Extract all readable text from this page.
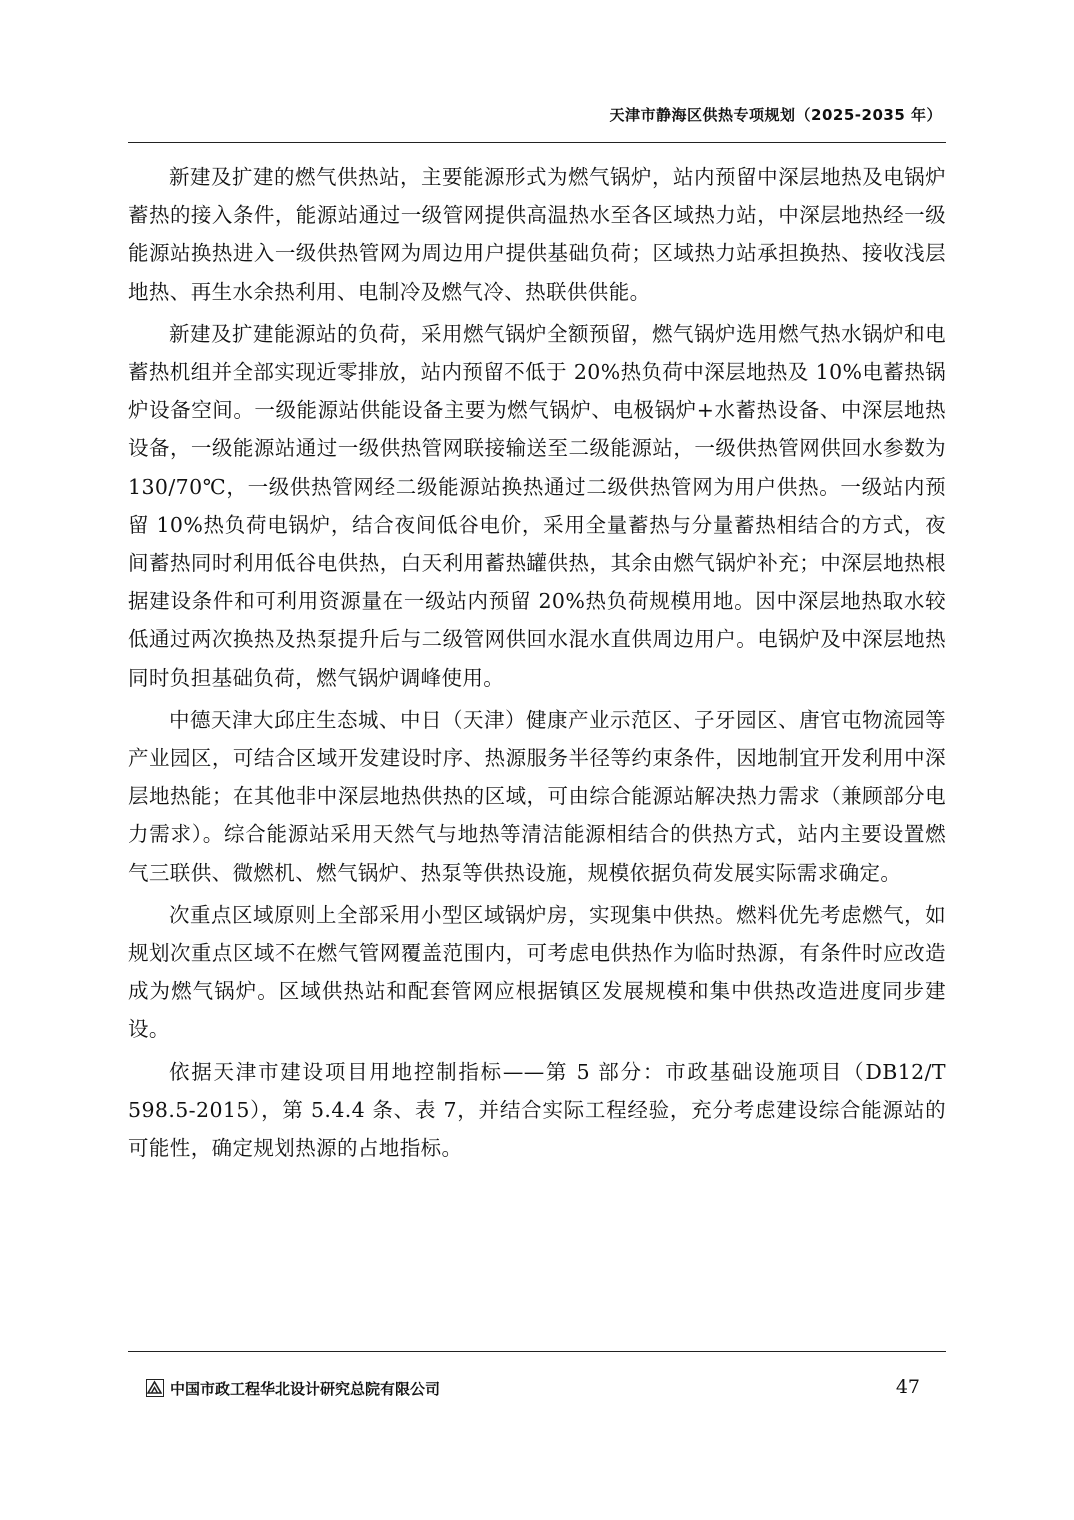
天津市静海区供热专项规划（2025-2035 年）

新建及扩建的燃气供热站，主要能源形式为燃气锅炉，站内预留中深层地热及电锅炉蓄热的接入条件，能源站通过一级管网提供高温热水至各区域热力站，中深层地热经一级能源站换热进入一级供热管网为周边用户提供基础负荷；区域热力站承担换热、接收浅层地热、再生水余热利用、电制冷及燃气冷、热联供供能。

新建及扩建能源站的负荷，采用燃气锅炉全额预留，燃气锅炉选用燃气热水锅炉和电蓄热机组并全部实现近零排放，站内预留不低于 20%热负荷中深层地热及 10%电蓄热锅炉设备空间。一级能源站供能设备主要为燃气锅炉、电极锅炉+水蓄热设备、中深层地热设备，一级能源站通过一级供热管网联接输送至二级能源站，一级供热管网供回水参数为 130/70℃，一级供热管网经二级能源站换热通过二级供热管网为用户供热。一级站内预留 10%热负荷电锅炉，结合夜间低谷电价，采用全量蓄热与分量蓄热相结合的方式，夜间蓄热同时利用低谷电供热，白天利用蓄热罐供热，其余由燃气锅炉补充；中深层地热根据建设条件和可利用资源量在一级站内预留 20%热负荷规模用地。因中深层地热取水较低通过两次换热及热泵提升后与二级管网供回水混水直供周边用户。电锅炉及中深层地热同时负担基础负荷，燃气锅炉调峰使用。

中德天津大邱庄生态城、中日（天津）健康产业示范区、子牙园区、唐官屯物流园等产业园区，可结合区域开发建设时序、热源服务半径等约束条件，因地制宜开发利用中深层地热能；在其他非中深层地热供热的区域，可由综合能源站解决热力需求（兼顾部分电力需求）。综合能源站采用天然气与地热等清洁能源相结合的供热方式，站内主要设置燃气三联供、微燃机、燃气锅炉、热泵等供热设施，规模依据负荷发展实际需求确定。

次重点区域原则上全部采用小型区域锅炉房，实现集中供热。燃料优先考虑燃气，如规划次重点区域不在燃气管网覆盖范围内，可考虑电供热作为临时热源，有条件时应改造成为燃气锅炉。区域供热站和配套管网应根据镇区发展规模和集中供热改造进度同步建设。

依据天津市建设项目用地控制指标——第 5 部分：市政基础设施项目（DB12/T 598.5-2015），第 5.4.4 条、表 7，并结合实际工程经验，充分考虑建设综合能源站的可能性，确定规划热源的占地指标。

中国市政工程华北设计研究总院有限公司	47
